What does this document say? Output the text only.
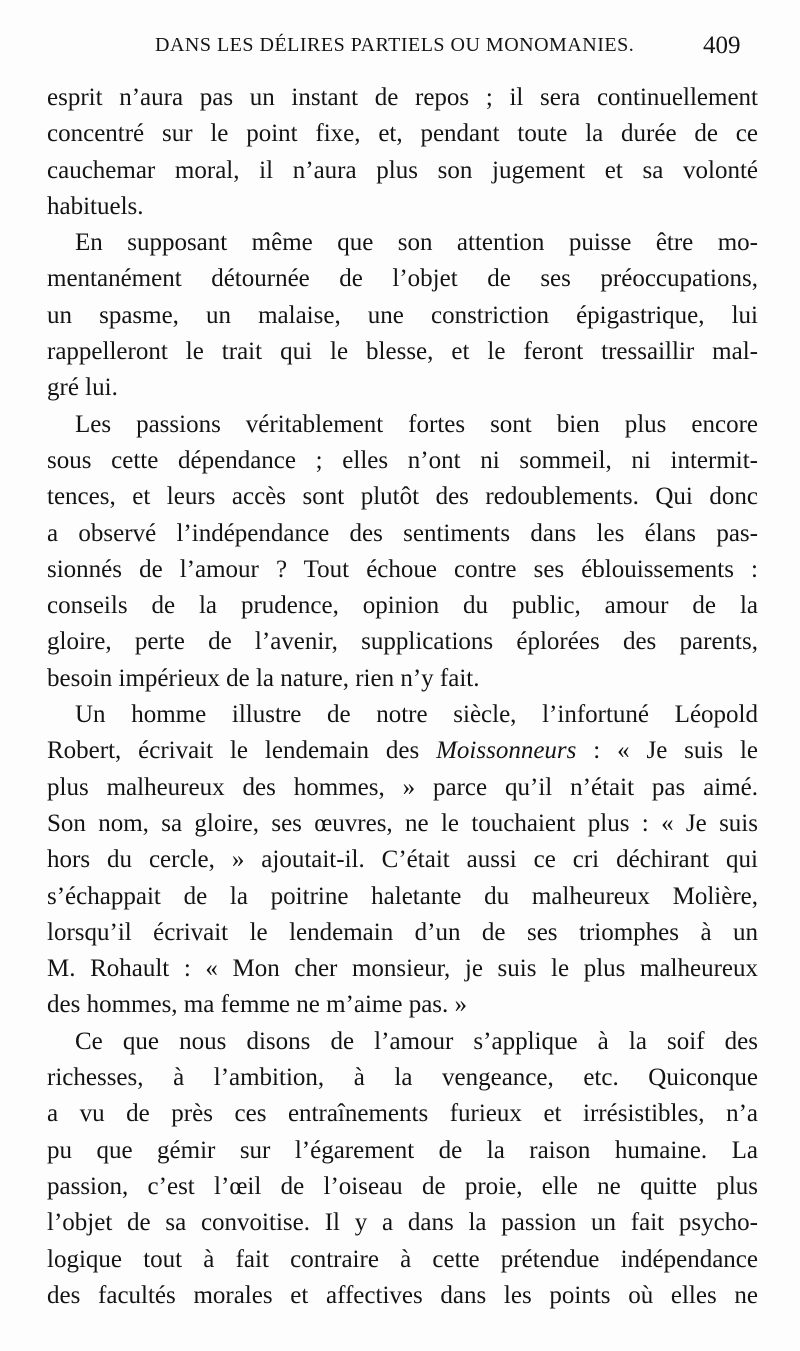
DANS LES DÉLIRES PARTIELS OU MONOMANIES.	409
esprit n’aura pas un instant de repos ; il sera continuellement
concentré sur le point fixe, et, pendant toute la durée de ce
cauchemar moral, il n’aura plus son jugement et sa volonté
habituels.
En supposant même que son attention puisse être mo-
mentanément détournée de l’objet de ses préoccupations,
un spasme, un malaise, une constriction épigastrique, lui
rappelleront le trait qui le blesse, et le feront tressaillir mal-
gré lui.
Les passions véritablement fortes sont bien plus encore
sous cette dépendance ; elles n’ont ni sommeil, ni intermit-
tences, et leurs accès sont plutôt des redoublements. Qui donc
a observé l’indépendance des sentiments dans les élans pas-
sionnés de l’amour ? Tout échoue contre ses éblouissements :
conseils de la prudence, opinion du public, amour de la
gloire, perte de l’avenir, supplications éplorées des parents,
besoin impérieux de la nature, rien n’y fait.
Un homme illustre de notre siècle, l’infortuné Léopold
Robert, écrivait le lendemain des Moissonneurs : « Je suis le
plus malheureux des hommes, » parce qu’il n’était pas aimé.
Son nom, sa gloire, ses œuvres, ne le touchaient plus : « Je suis
hors du cercle, » ajoutait-il. C’était aussi ce cri déchirant qui
s’échappait de la poitrine haletante du malheureux Molière,
lorsqu’il écrivait le lendemain d’un de ses triomphes à un
M. Rohault : « Mon cher monsieur, je suis le plus malheureux
des hommes, ma femme ne m’aime pas. »
Ce que nous disons de l’amour s’applique à la soif des
richesses, à l’ambition, à la vengeance, etc. Quiconque
a vu de près ces entraînements furieux et irrésistibles, n’a
pu que gémir sur l’égarement de la raison humaine. La
passion, c’est l’œil de l’oiseau de proie, elle ne quitte plus
l’objet de sa convoitise. Il y a dans la passion un fait psycho-
logique tout à fait contraire à cette prétendue indépendance
des facultés morales et affectives dans les points où elles ne
